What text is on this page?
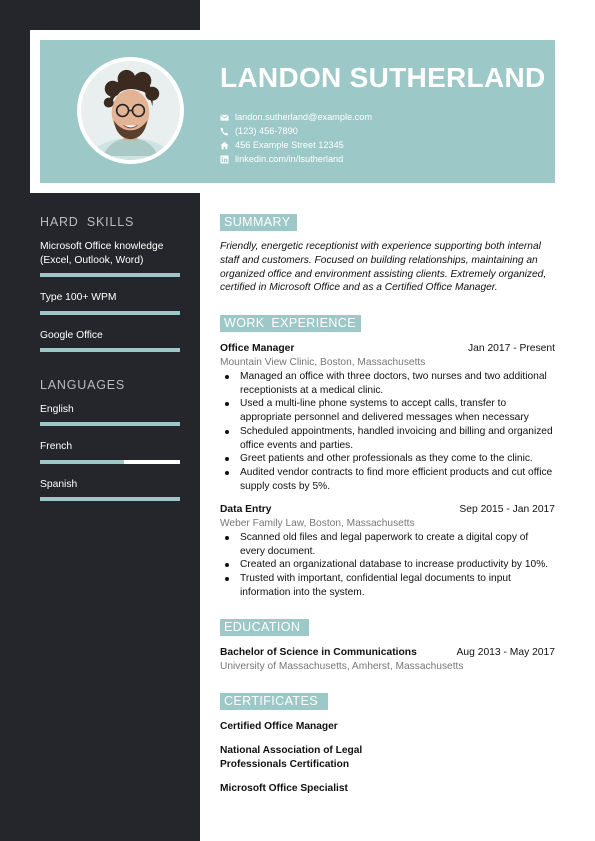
LANDON SUTHERLAND
landon.sutherland@example.com
(123) 456-7890
456 Example Street 12345
linkedin.com/in/lsutherland
HARD SKILLS
Microsoft Office knowledge (Excel, Outlook, Word)
Type 100+ WPM
Google Office
LANGUAGES
English
French
Spanish
SUMMARY
Friendly, energetic receptionist with experience supporting both internal staff and customers. Focused on building relationships, maintaining an organized office and environment assisting clients. Extremely organized, certified in Microsoft Office and as a Certified Office Manager.
WORK EXPERIENCE
Office Manager	Jan 2017 - Present
Mountain View Clinic, Boston, Massachusetts
Managed an office with three doctors, two nurses and two additional receptionists at a medical clinic.
Used a multi-line phone systems to accept calls, transfer to appropriate personnel and delivered messages when necessary
Scheduled appointments, handled invoicing and billing and organized office events and parties.
Greet patients and other professionals as they come to the clinic.
Audited vendor contracts to find more efficient products and cut office supply costs by 5%.
Data Entry	Sep 2015 - Jan 2017
Weber Family Law, Boston, Massachusetts
Scanned old files and legal paperwork to create a digital copy of every document.
Created an organizational database to increase productivity by 10%.
Trusted with important, confidential legal documents to input information into the system.
EDUCATION
Bachelor of Science in Communications	Aug 2013 - May 2017
University of Massachusetts, Amherst, Massachusetts
CERTIFICATES
Certified Office Manager
National Association of Legal Professionals Certification
Microsoft Office Specialist
